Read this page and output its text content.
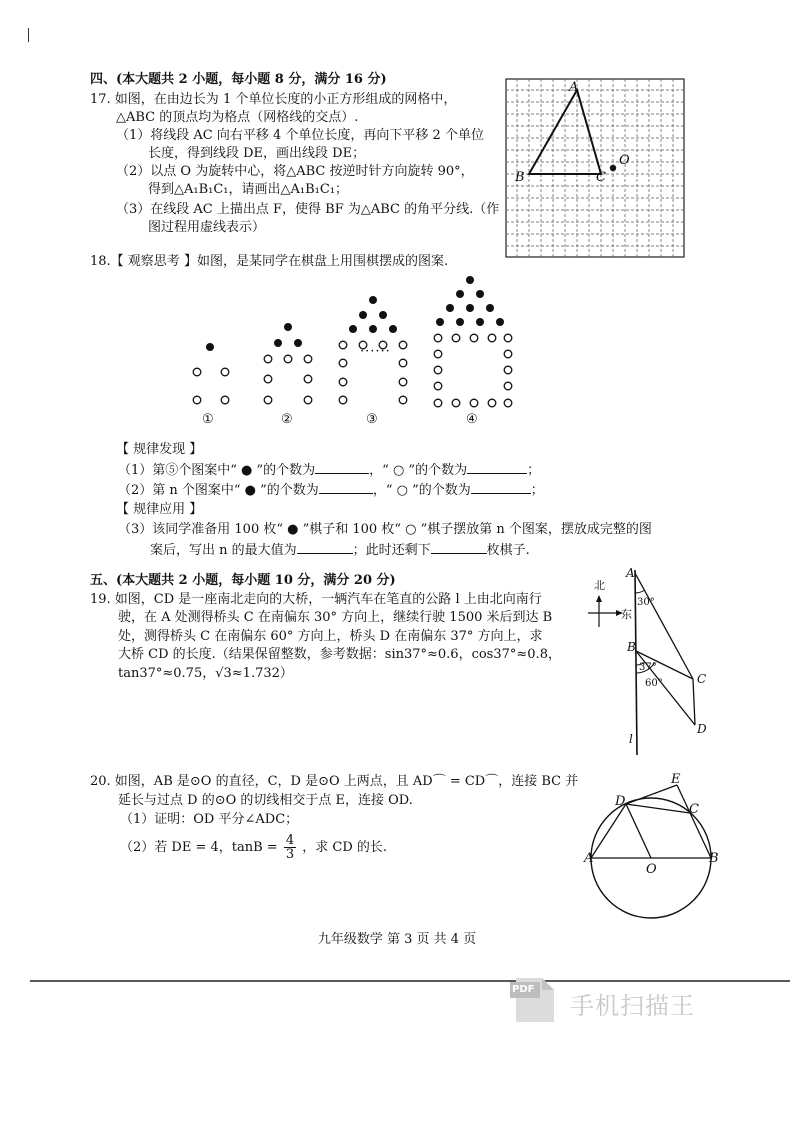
四、(本大题共 2 小题，每小题 8 分，满分 16 分)
17. 如图，在由边长为 1 个单位长度的小正方形组成的网格中，
△ABC 的顶点均为格点（网格线的交点）.
（1）将线段 AC 向右平移 4 个单位长度，再向下平移 2 个单位
长度，得到线段 DE，画出线段 DE；
（2）以点 O 为旋转中心，将△ABC 按逆时针方向旋转 90°，
得到△A₁B₁C₁，请画出△A₁B₁C₁；
（3）在线段 AC 上描出点 F，使得 BF 为△ABC 的角平分线.（作
图过程用虚线表示）
A
B	C
O
18.【 观察思考 】如图，是某同学在棋盘上用围棋摆成的图案.
······
①	②	③	④
【 规律发现 】
（1）第⑤个图案中“ ● ”的个数为	，“ ○ ”的个数为	；
（2）第 n 个图案中“ ● ”的个数为	，“ ○ ”的个数为	；
【 规律应用 】
（3）该同学准备用 100 枚“ ● ”棋子和 100 枚“ ○ ”棋子摆放第 n 个图案，摆放成完整的图
案后，写出 n 的最大值为	；此时还剩下	枚棋子.
五、(本大题共 2 小题，每小题 10 分，满分 20 分)
19. 如图，CD 是一座南北走向的大桥，一辆汽车在笔直的公路 l 上由北向南行
驶，在 A 处测得桥头 C 在南偏东 30° 方向上，继续行驶 1500 米后到达 B
处，测得桥头 C 在南偏东 60° 方向上，桥头 D 在南偏东 37° 方向上，求
大桥 CD 的长度.（结果保留整数，参考数据：sin37°≈0.6，cos37°≈0.8，
tan37°≈0.75，√3≈1.732）
北
东
A
30°
B
37°
60°	C
D
l
20. 如图，AB 是⊙O 的直径，C，D 是⊙O 上两点，且 AD⌒ = CD⌒，连接 BC 并
延长与过点 D 的⊙O 的切线相交于点 E，连接 OD.
（1）证明：OD 平分∠ADC；
（2）若 DE = 4，$\tan B = \frac{4}{3}$ ，求 CD 的长.
E
D
C
A
O
B
九年级数学 第 3 页 共 4 页
PDF
手机扫描王
